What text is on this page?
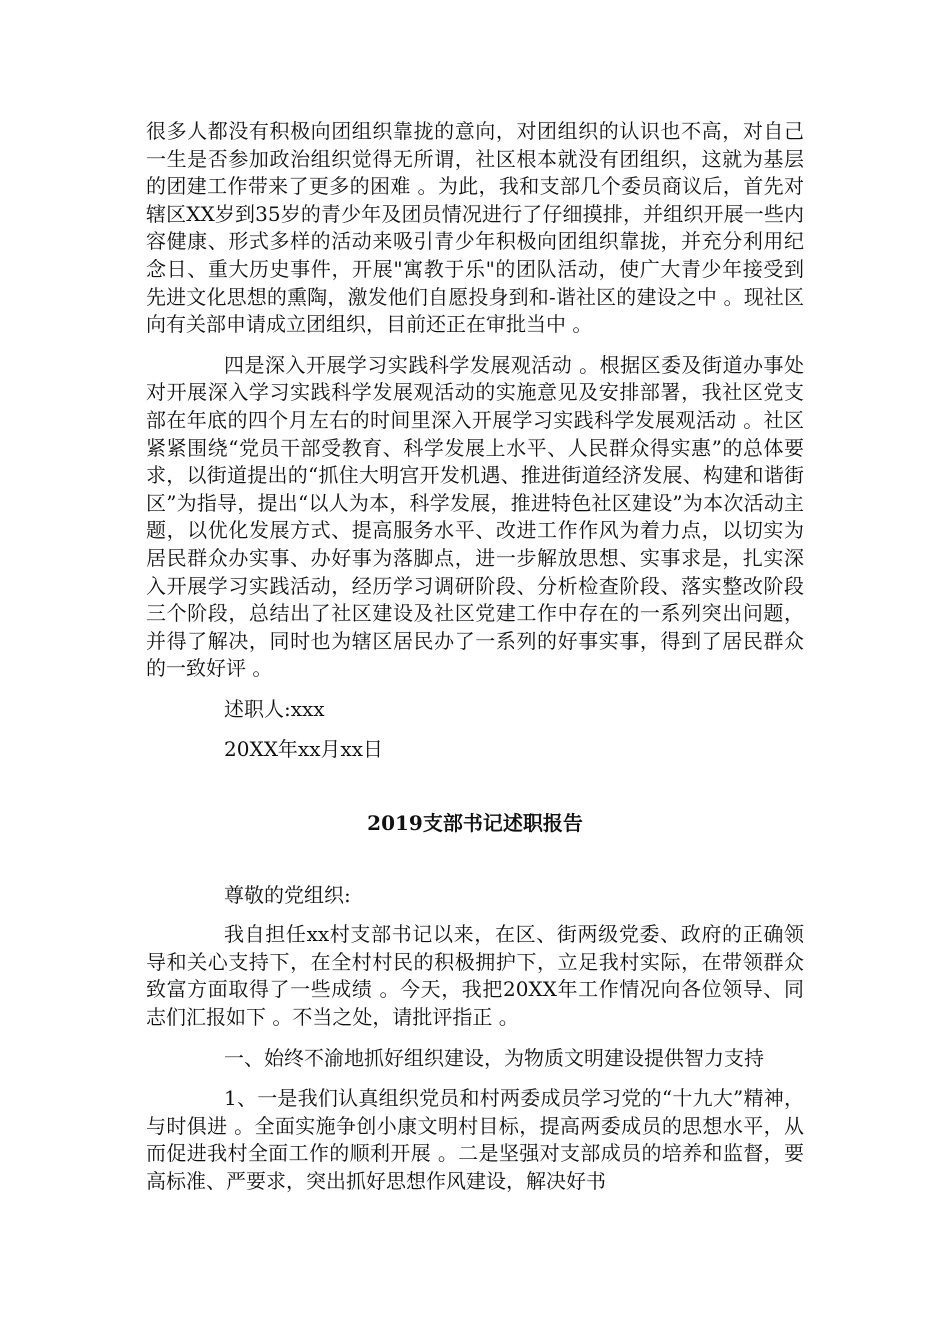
很多人都没有积极向团组织靠拢的意向，对团组织的认识也不高，对自己一生是否参加政治组织觉得无所谓，社区根本就没有团组织，这就为基层的团建工作带来了更多的困难 。为此，我和支部几个委员商议后，首先对辖区XX岁到35岁的青少年及团员情况进行了仔细摸排，并组织开展一些内容健康、形式多样的活动来吸引青少年积极向团组织靠拢，并充分利用纪念日、重大历史事件，开展"寓教于乐"的团队活动，使广大青少年接受到先进文化思想的熏陶，激发他们自愿投身到和-谐社区的建设之中 。现社区向有关部申请成立团组织，目前还正在审批当中 。

四是深入开展学习实践科学发展观活动 。根据区委及街道办事处对开展深入学习实践科学发展观活动的实施意见及安排部署，我社区党支部在年底的四个月左右的时间里深入开展学习实践科学发展观活动 。社区紧紧围绕“党员干部受教育、科学发展上水平、人民群众得实惠”的总体要求，以街道提出的“抓住大明宫开发机遇、推进街道经济发展、构建和谐街区”为指导，提出“以人为本，科学发展，推进特色社区建设”为本次活动主题，以优化发展方式、提高服务水平、改进工作作风为着力点，以切实为居民群众办实事、办好事为落脚点，进一步解放思想、实事求是，扎实深入开展学习实践活动，经历学习调研阶段、分析检查阶段、落实整改阶段三个阶段，总结出了社区建设及社区党建工作中存在的一系列突出问题，并得了解决，同时也为辖区居民办了一系列的好事实事，得到了居民群众的一致好评 。

述职人:xxx

20XX年xx月xx日

2019支部书记述职报告

尊敬的党组织:

我自担任xx村支部书记以来，在区、街两级党委、政府的正确领导和关心支持下，在全村村民的积极拥护下，立足我村实际，在带领群众致富方面取得了一些成绩 。今天，我把20XX年工作情况向各位领导、同志们汇报如下 。不当之处，请批评指正 。

一、始终不渝地抓好组织建设，为物质文明建设提供智力支持

1、一是我们认真组织党员和村两委成员学习党的“十九大”精神，与时俱进 。全面实施争创小康文明村目标，提高两委成员的思想水平，从而促进我村全面工作的顺利开展 。二是坚强对支部成员的培养和监督，要高标准、严要求，突出抓好思想作风建设，解决好书
